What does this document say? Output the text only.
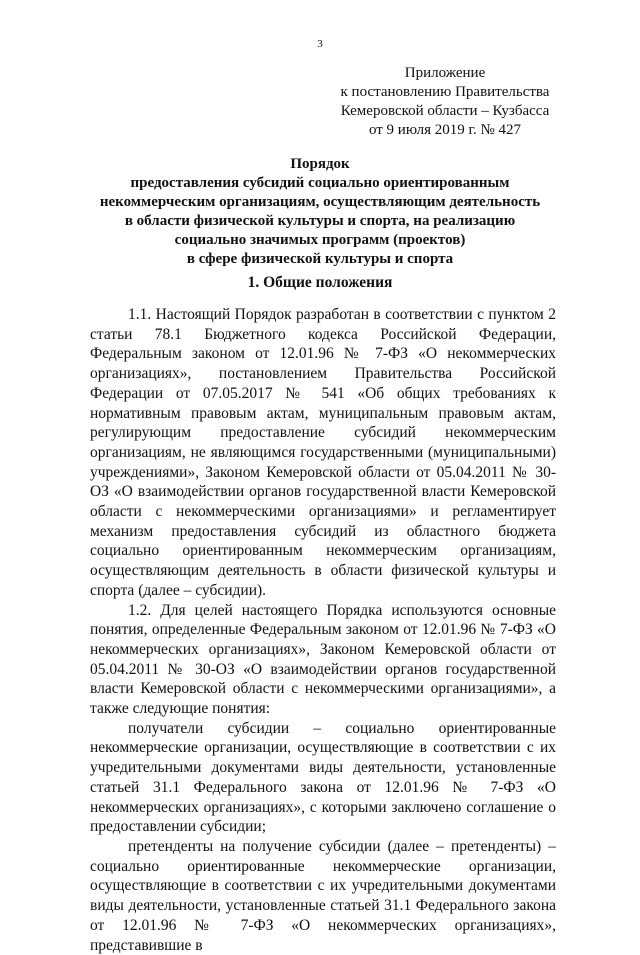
3
Приложение
к постановлению Правительства
Кемеровской области – Кузбасса
от 9 июля 2019 г. № 427
Порядок
предоставления субсидий социально ориентированным
некоммерческим организациям, осуществляющим деятельность
в области физической культуры и спорта, на реализацию
социально значимых программ (проектов)
в сфере физической культуры и спорта
1. Общие положения

1.1. Настоящий Порядок разработан в соответствии с пунктом 2 статьи 78.1 Бюджетного кодекса Российской Федерации, Федеральным законом от 12.01.96 № 7-ФЗ «О некоммерческих организациях», постановлением Правительства Российской Федерации от 07.05.2017 № 541 «Об общих требованиях к нормативным правовым актам, муниципальным правовым актам, регулирующим предоставление субсидий некоммерческим организациям, не являющимся государственными (муниципальными) учреждениями», Законом Кемеровской области от 05.04.2011 № 30-ОЗ «О взаимодействии органов государственной власти Кемеровской области с некоммерческими организациями» и регламентирует механизм предоставления субсидий из областного бюджета социально ориентированным некоммерческим организациям, осуществляющим деятельность в области физической культуры и спорта (далее – субсидии).

1.2. Для целей настоящего Порядка используются основные понятия, определенные Федеральным законом от 12.01.96 № 7-ФЗ «О некоммерческих организациях», Законом Кемеровской области от 05.04.2011 № 30-ОЗ «О взаимодействии органов государственной власти Кемеровской области с некоммерческими организациями», а также следующие понятия:

получатели субсидии – социально ориентированные некоммерческие организации, осуществляющие в соответствии с их учредительными документами виды деятельности, установленные статьей 31.1 Федерального закона от 12.01.96 № 7-ФЗ «О некоммерческих организациях», с которыми заключено соглашение о предоставлении субсидии;

претенденты на получение субсидии (далее – претенденты) – социально ориентированные некоммерческие организации, осуществляющие в соответствии с их учредительными документами виды деятельности, установленные статьей 31.1 Федерального закона от 12.01.96 № 7-ФЗ «О некоммерческих организациях», представившие в
